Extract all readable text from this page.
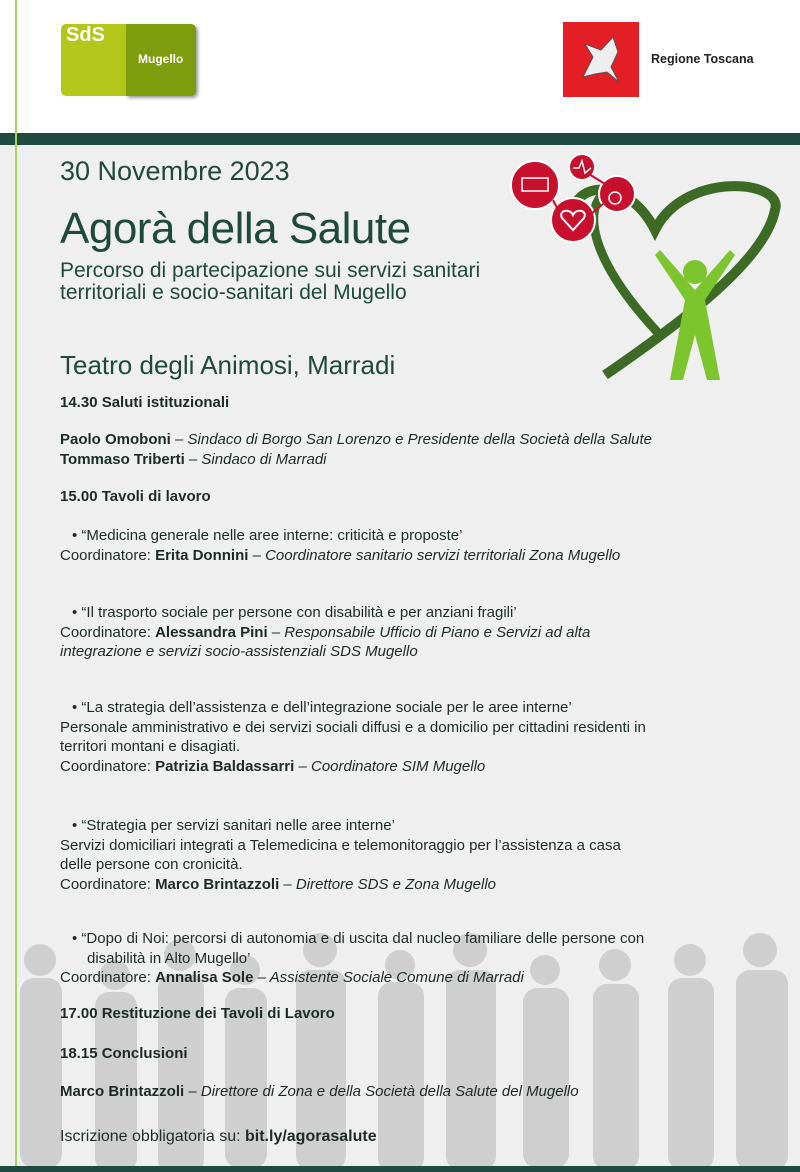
SdS
Mugello	Regione Toscana
30 Novembre 2023
Agorà della Salute
Percorso di partecipazione sui servizi sanitari territoriali e socio-sanitari del Mugello
Teatro degli Animosi, Marradi
14.30 Saluti istituzionali
Paolo Omoboni – Sindaco di Borgo San Lorenzo e Presidente della Società della Salute
Tommaso Triberti – Sindaco di Marradi
15.00 Tavoli di lavoro
• “Medicina generale nelle aree interne: criticità e proposte’
Coordinatore: Erita Donnini – Coordinatore sanitario servizi territoriali Zona Mugello
• “Il trasporto sociale per persone con disabilità e per anziani fragili’
Coordinatore: Alessandra Pini – Responsabile Ufficio di Piano e Servizi ad alta
integrazione e servizi socio-assistenziali SDS Mugello
• “La strategia dell’assistenza e dell’integrazione sociale per le aree interne’
Personale amministrativo e dei servizi sociali diffusi e a domicilio per cittadini residenti in
territori montani e disagiati.
Coordinatore: Patrizia Baldassarri – Coordinatore SIM Mugello
• “Strategia per servizi sanitari nelle aree interne’
Servizi domiciliari integrati a Telemedicina e telemonitoraggio per l’assistenza a casa
delle persone con cronicità.
Coordinatore: Marco Brintazzoli – Direttore SDS e Zona Mugello
• “Dopo di Noi: percorsi di autonomia e di uscita dal nucleo familiare delle persone con
disabilità in Alto Mugello’
Coordinatore: Annalisa Sole – Assistente Sociale Comune di Marradi
17.00 Restituzione dei Tavoli di Lavoro
18.15 Conclusioni
Marco Brintazzoli – Direttore di Zona e della Società della Salute del Mugello
Iscrizione obbligatoria su: bit.ly/agorasalute
